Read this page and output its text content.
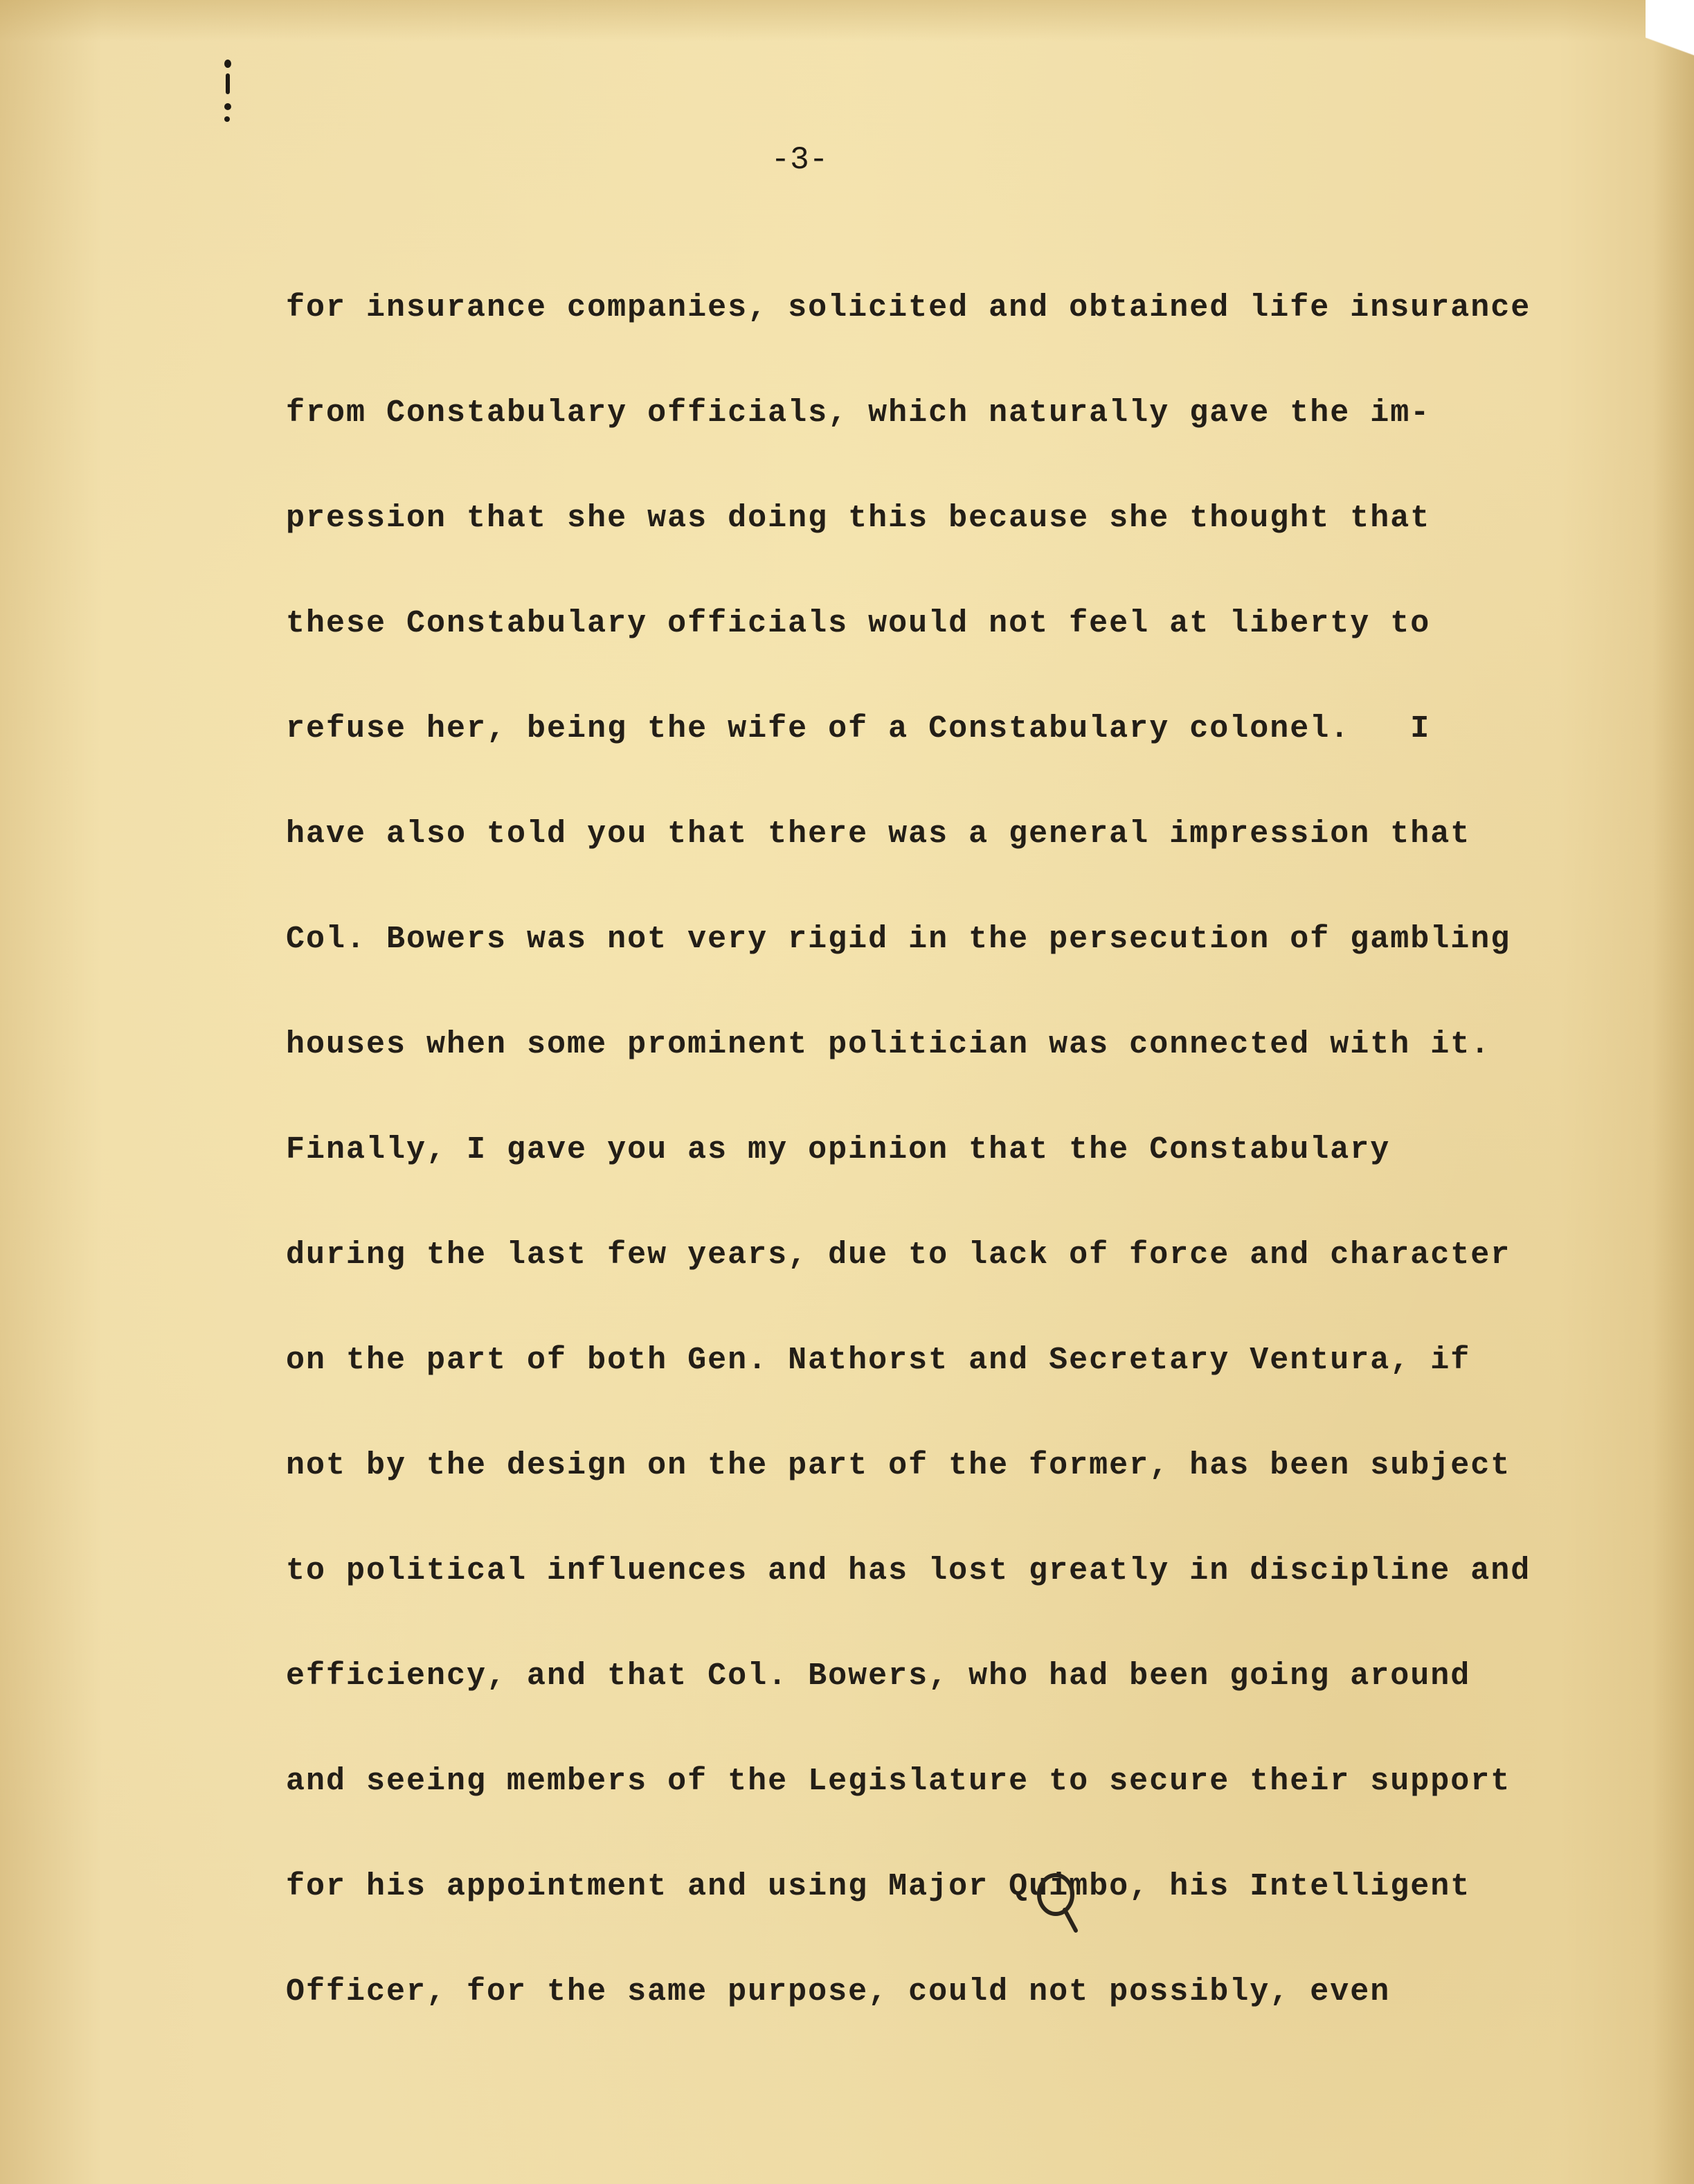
-3-
for insurance companies, solicited and obtained life insurance
from Constabulary officials, which naturally gave the im-
pression that she was doing this because she thought that
these Constabulary officials would not feel at liberty to
refuse her, being the wife of a Constabulary colonel.   I
have also told you that there was a general impression that
Col. Bowers was not very rigid in the persecution of gambling
houses when some prominent politician was connected with it.
Finally, I gave you as my opinion that the Constabulary
during the last few years, due to lack of force and character
on the part of both Gen. Nathorst and Secretary Ventura, if
not by the design on the part of the former, has been subject
to political influences and has lost greatly in discipline and
efficiency, and that Col. Bowers, who had been going around
and seeing members of the Legislature to secure their support
for his appointment and using Major Quimbo, his Intelligent
Officer, for the same purpose, could not possibly, even
